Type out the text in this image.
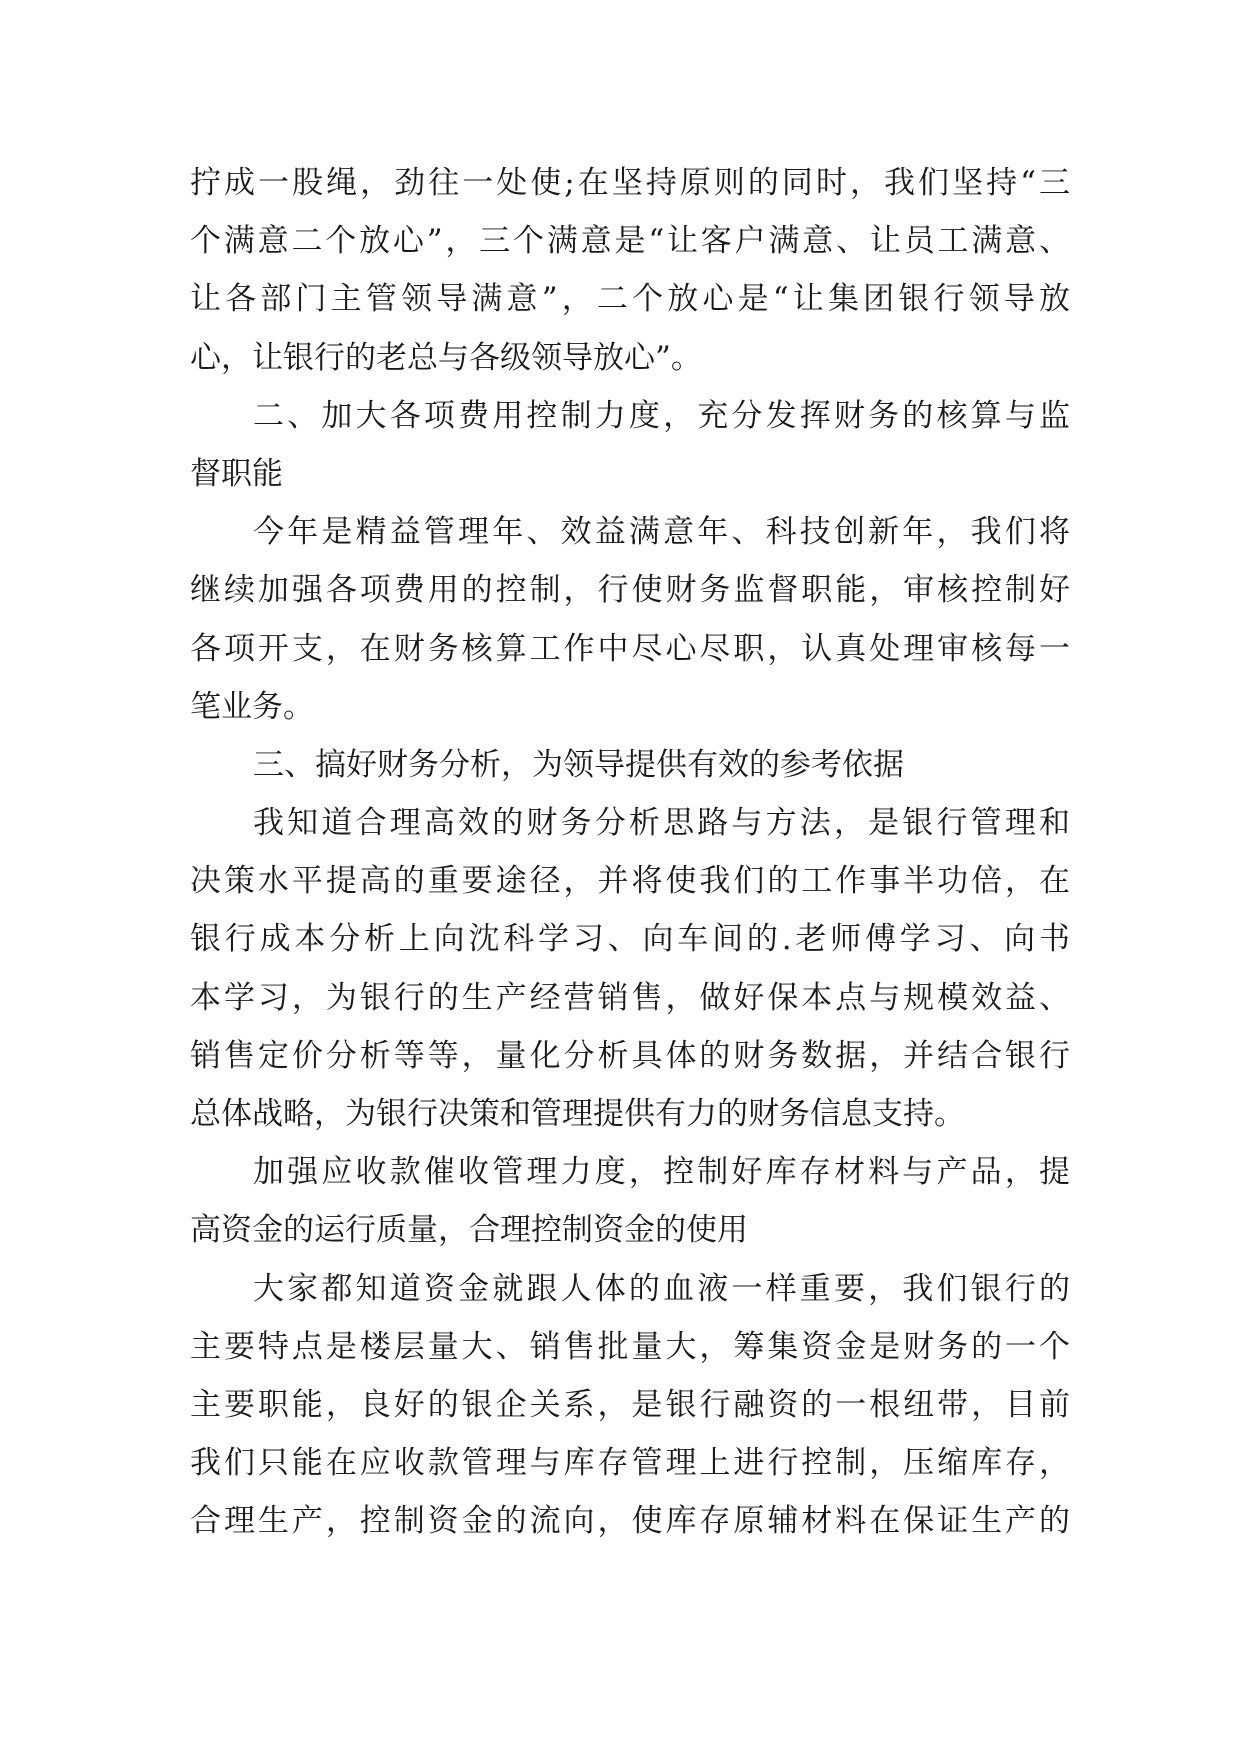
拧成一股绳，劲往一处使;在坚持原则的同时，我们坚持“三
个满意二个放心”，三个满意是“让客户满意、让员工满意、
让各部门主管领导满意”，二个放心是“让集团银行领导放
心，让银行的老总与各级领导放心”。
二、加大各项费用控制力度，充分发挥财务的核算与监
督职能
今年是精益管理年、效益满意年、科技创新年，我们将
继续加强各项费用的控制，行使财务监督职能，审核控制好
各项开支，在财务核算工作中尽心尽职，认真处理审核每一
笔业务。
三、搞好财务分析，为领导提供有效的参考依据
我知道合理高效的财务分析思路与方法，是银行管理和
决策水平提高的重要途径，并将使我们的工作事半功倍，在
银行成本分析上向沈科学习、向车间的.老师傅学习、向书
本学习，为银行的生产经营销售，做好保本点与规模效益、
销售定价分析等等，量化分析具体的财务数据，并结合银行
总体战略，为银行决策和管理提供有力的财务信息支持。
加强应收款催收管理力度，控制好库存材料与产品，提
高资金的运行质量，合理控制资金的使用
大家都知道资金就跟人体的血液一样重要，我们银行的
主要特点是楼层量大、销售批量大，筹集资金是财务的一个
主要职能，良好的银企关系，是银行融资的一根纽带，目前
我们只能在应收款管理与库存管理上进行控制，压缩库存，
合理生产，控制资金的流向，使库存原辅材料在保证生产的
